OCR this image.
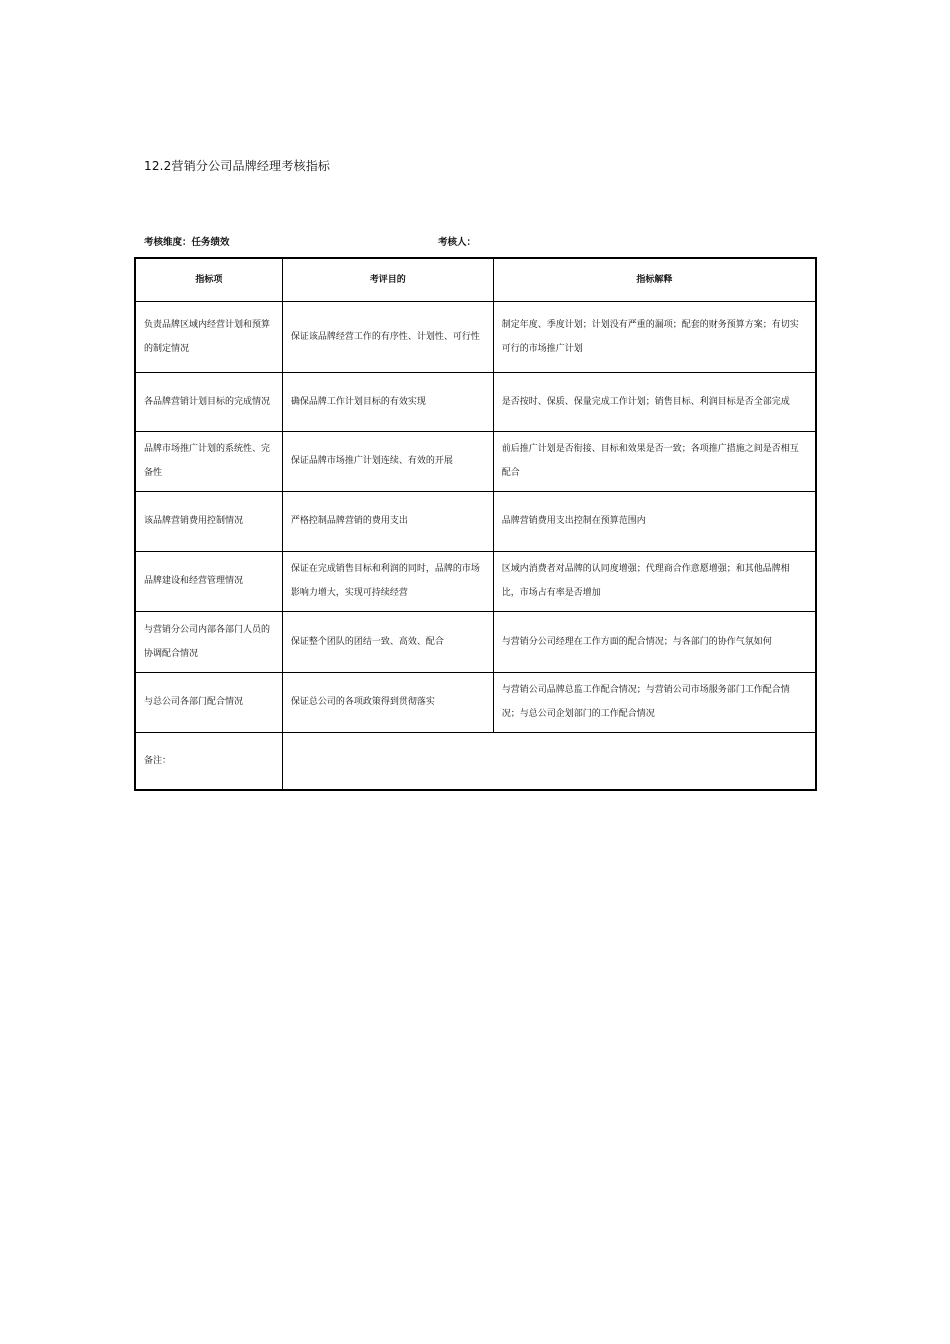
12.2营销分公司品牌经理考核指标
考核维度：任务绩效	考核人：
指标项	考评目的	指标解释
负责品牌区域内经营计划和预算的制定情况	保证该品牌经营工作的有序性、计划性、可行性	制定年度、季度计划；计划没有严重的漏项；配套的财务预算方案；有切实可行的市场推广计划
各品牌营销计划目标的完成情况	确保品牌工作计划目标的有效实现	是否按时、保质、保量完成工作计划；销售目标、利润目标是否全部完成
品牌市场推广计划的系统性、完备性	保证品牌市场推广计划连续、有效的开展	前后推广计划是否衔接、目标和效果是否一致；各项推广措施之间是否相互配合
该品牌营销费用控制情况	严格控制品牌营销的费用支出	品牌营销费用支出控制在预算范围内
品牌建设和经营管理情况	保证在完成销售目标和利润的同时，品牌的市场影响力增大，实现可持续经营	区域内消费者对品牌的认同度增强；代理商合作意愿增强；和其他品牌相比，市场占有率是否增加
与营销分公司内部各部门人员的协调配合情况	保证整个团队的团结一致、高效、配合	与营销分公司经理在工作方面的配合情况；与各部门的协作气氛如何
与总公司各部门配合情况	保证总公司的各项政策得到贯彻落实	与营销公司品牌总监工作配合情况；与营销公司市场服务部门工作配合情况；与总公司企划部门的工作配合情况
备注：		
